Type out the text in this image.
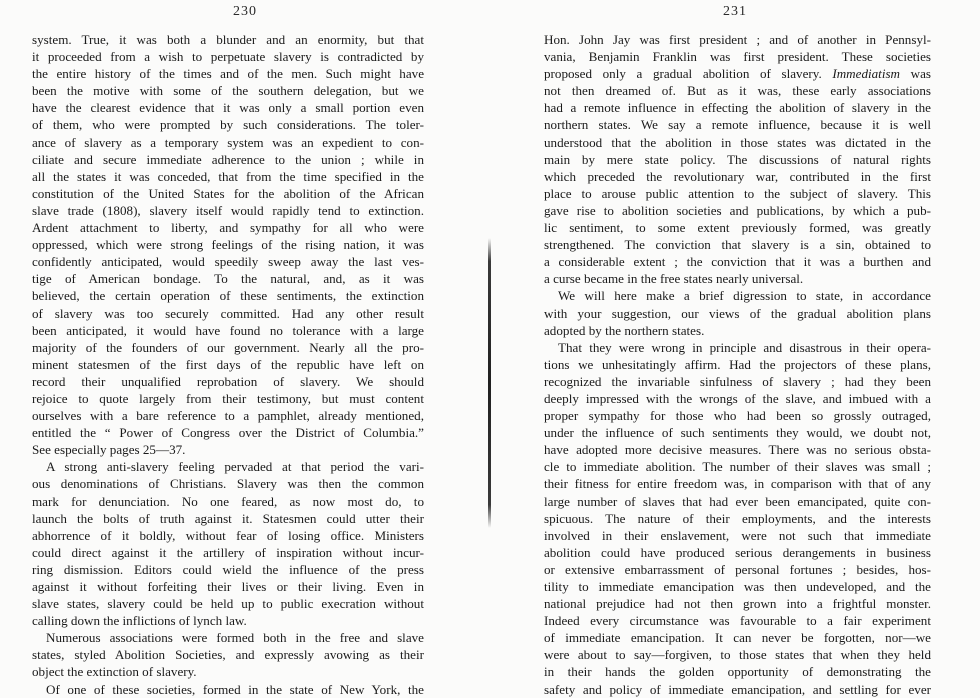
230
system. True, it was both a blunder and an enormity, but that
it proceeded from a wish to perpetuate slavery is contradicted by
the entire history of the times and of the men. Such might have
been the motive with some of the southern delegation, but we
have the clearest evidence that it was only a small portion even
of them, who were prompted by such considerations. The toler-
ance of slavery as a temporary system was an expedient to con-
ciliate and secure immediate adherence to the union ; while in
all the states it was conceded, that from the time specified in the
constitution of the United States for the abolition of the African
slave trade (1808), slavery itself would rapidly tend to extinction.
Ardent attachment to liberty, and sympathy for all who were
oppressed, which were strong feelings of the rising nation, it was
confidently anticipated, would speedily sweep away the last ves-
tige of American bondage. To the natural, and, as it was
believed, the certain operation of these sentiments, the extinction
of slavery was too securely committed. Had any other result
been anticipated, it would have found no tolerance with a large
majority of the founders of our government. Nearly all the pro-
minent statesmen of the first days of the republic have left on
record their unqualified reprobation of slavery. We should
rejoice to quote largely from their testimony, but must content
ourselves with a bare reference to a pamphlet, already mentioned,
entitled the “ Power of Congress over the District of Columbia.”
See especially pages 25—37.
A strong anti-slavery feeling pervaded at that period the vari-
ous denominations of Christians. Slavery was then the common
mark for denunciation. No one feared, as now most do, to
launch the bolts of truth against it. Statesmen could utter their
abhorrence of it boldly, without fear of losing office. Ministers
could direct against it the artillery of inspiration without incur-
ring dismission. Editors could wield the influence of the press
against it without forfeiting their lives or their living. Even in
slave states, slavery could be held up to public execration without
calling down the inflictions of lynch law.
Numerous associations were formed both in the free and slave
states, styled Abolition Societies, and expressly avowing as their
object the extinction of slavery.
Of one of these societies, formed in the state of New York, the
231
Hon. John Jay was first president ; and of another in Pennsyl-
vania, Benjamin Franklin was first president. These societies
proposed only a gradual abolition of slavery. Immediatism was
not then dreamed of. But as it was, these early associations
had a remote influence in effecting the abolition of slavery in the
northern states. We say a remote influence, because it is well
understood that the abolition in those states was dictated in the
main by mere state policy. The discussions of natural rights
which preceded the revolutionary war, contributed in the first
place to arouse public attention to the subject of slavery. This
gave rise to abolition societies and publications, by which a pub-
lic sentiment, to some extent previously formed, was greatly
strengthened. The conviction that slavery is a sin, obtained to
a considerable extent ; the conviction that it was a burthen and
a curse became in the free states nearly universal.
We will here make a brief digression to state, in accordance
with your suggestion, our views of the gradual abolition plans
adopted by the northern states.
That they were wrong in principle and disastrous in their opera-
tions we unhesitatingly affirm. Had the projectors of these plans,
recognized the invariable sinfulness of slavery ; had they been
deeply impressed with the wrongs of the slave, and imbued with a
proper sympathy for those who had been so grossly outraged,
under the influence of such sentiments they would, we doubt not,
have adopted more decisive measures. There was no serious obsta-
cle to immediate abolition. The number of their slaves was small ;
their fitness for entire freedom was, in comparison with that of any
large number of slaves that had ever been emancipated, quite con-
spicuous. The nature of their employments, and the interests
involved in their enslavement, were not such that immediate
abolition could have produced serious derangements in business
or extensive embarrassment of personal fortunes ; besides, hos-
tility to immediate emancipation was then undeveloped, and the
national prejudice had not then grown into a frightful monster.
Indeed every circumstance was favourable to a fair experiment
of immediate emancipation. It can never be forgotten, nor—we
were about to say—forgiven, to those states that when they held
in their hands the golden opportunity of demonstrating the
safety and policy of immediate emancipation, and settling for ever
